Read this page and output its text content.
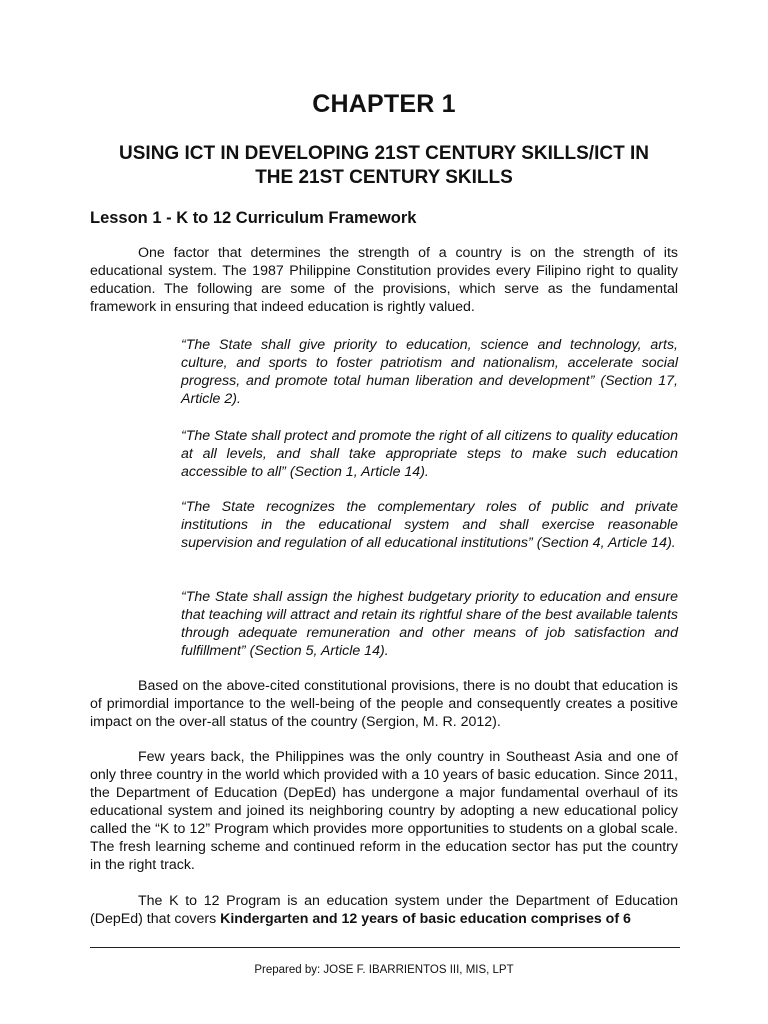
CHAPTER 1
USING ICT IN DEVELOPING 21ST CENTURY SKILLS/ICT IN
THE 21ST CENTURY SKILLS
Lesson 1 - K to 12 Curriculum Framework

One factor that determines the strength of a country is on the strength of its educational system. The 1987 Philippine Constitution provides every Filipino right to quality education. The following are some of the provisions, which serve as the fundamental framework in ensuring that indeed education is rightly valued.

“The State shall give priority to education, science and technology, arts, culture, and sports to foster patriotism and nationalism, accelerate social progress, and promote total human liberation and development” (Section 17, Article 2).

“The State shall protect and promote the right of all citizens to quality education at all levels, and shall take appropriate steps to make such education accessible to all” (Section 1, Article 14).

“The State recognizes the complementary roles of public and private institutions in the educational system and shall exercise reasonable supervision and regulation of all educational institutions” (Section 4, Article 14).

“The State shall assign the highest budgetary priority to education and ensure that teaching will attract and retain its rightful share of the best available talents through adequate remuneration and other means of job satisfaction and fulfillment” (Section 5, Article 14).

Based on the above-cited constitutional provisions, there is no doubt that education is of primordial importance to the well-being of the people and consequently creates a positive impact on the over-all status of the country (Sergion, M. R. 2012).

Few years back, the Philippines was the only country in Southeast Asia and one of only three country in the world which provided with a 10 years of basic education. Since 2011, the Department of Education (DepEd) has undergone a major fundamental overhaul of its educational system and joined its neighboring country by adopting a new educational policy called the “K to 12” Program which provides more opportunities to students on a global scale. The fresh learning scheme and continued reform in the education sector has put the country in the right track.

The K to 12 Program is an education system under the Department of Education (DepEd) that covers Kindergarten and 12 years of basic education comprises of 6

Prepared by: JOSE F. IBARRIENTOS III, MIS, LPT
